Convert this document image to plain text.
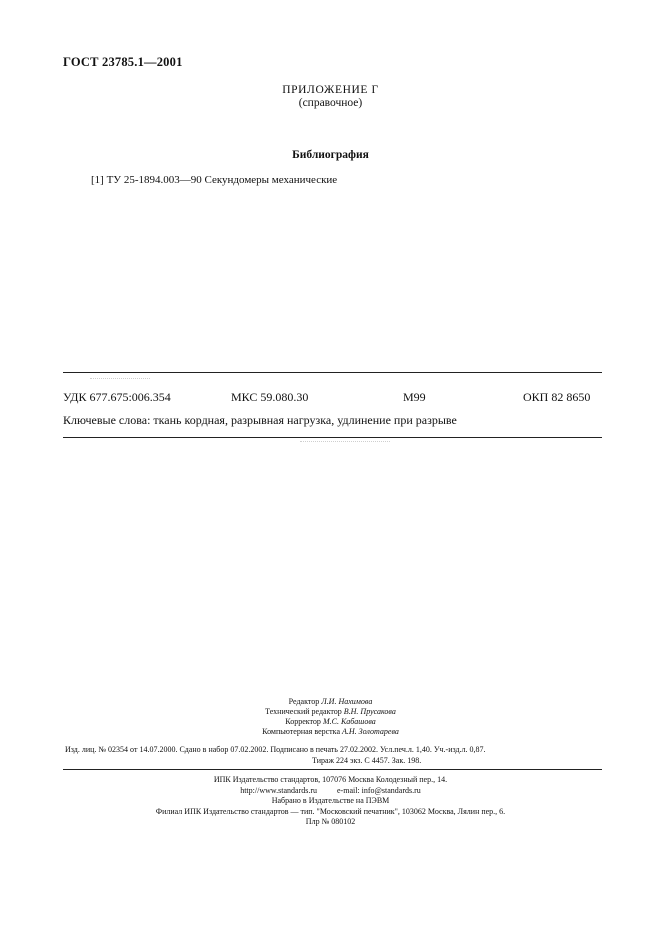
ГОСТ 23785.1—2001
ПРИЛОЖЕНИЕ Г
(справочное)
Библиография
[1] ТУ 25-1894.003—90 Секундомеры механические
УДК 677.675:006.354	МКС 59.080.30	М99	ОКП 82 8650
Ключевые слова: ткань кордная, разрывная нагрузка, удлинение при разрыве
Редактор Л.И. Нахимова
Технический редактор В.Н. Прусакова
Корректор М.С. Кабашова
Компьютерная верстка А.Н. Золотарева
Изд. лиц. № 02354 от 14.07.2000. Сдано в набор 07.02.2002. Подписано в печать 27.02.2002. Усл.печ.л. 1,40. Уч.-изд.л. 0,87.
Тираж 224 экз. С 4457. Зак. 198.
ИПК Издательство стандартов, 107076 Москва Колодезный пер., 14.
http://www.standards.ru          e-mail: info@standards.ru
Набрано в Издательстве на ПЭВМ
Филиал ИПК Издательство стандартов — тип. "Московский печатник", 103062 Москва, Лялин пер., 6.
Плр № 080102
